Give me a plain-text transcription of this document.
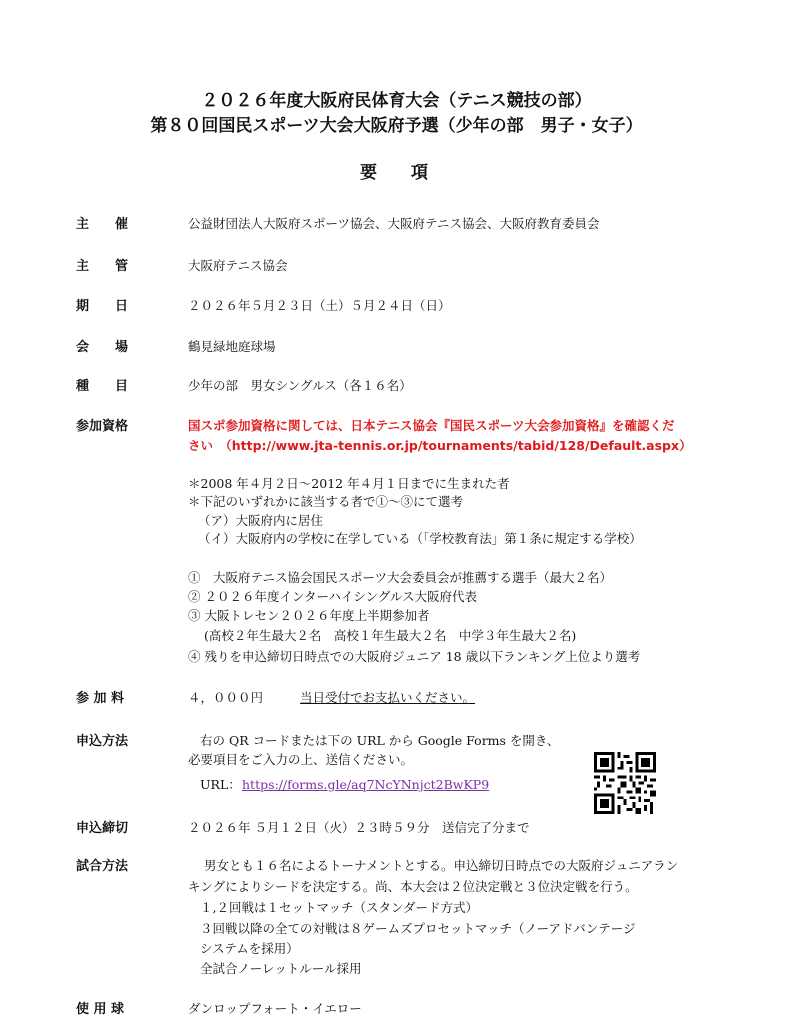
２０２６年度大阪府民体育大会（テニス競技の部）
第８０回国民スポーツ大会大阪府予選（少年の部　男子・女子）
要　　項
主　　催	公益財団法人大阪府スポーツ協会、大阪府テニス協会、大阪府教育委員会
主　　管	大阪府テニス協会
期　　日	２０２６年５月２３日（土）５月２４日（日）
会　　場	鶴見緑地庭球場
種　　目	少年の部　男女シングルス（各１６名）
参加資格	国スポ参加資格に関しては、日本テニス協会『国民スポーツ大会参加資格』を確認くだ
さい　（http://www.jta-tennis.or.jp/tournaments/tabid/128/Default.aspx）
＊2008 年４月２日〜2012 年４月１日までに生まれた者
＊下記のいずれかに該当する者で①〜③にて選考
（ア）大阪府内に居住
（イ）大阪府内の学校に在学している（「学校教育法」第１条に規定する学校）
①　大阪府テニス協会国民スポーツ大会委員会が推薦する選手（最大２名）
② ２０２６年度インターハイシングルス大阪府代表
③ 大阪トレセン２０２６年度上半期参加者
(高校２年生最大２名　高校１年生最大２名　中学３年生最大２名)
④ 残りを申込締切日時点での大阪府ジュニア 18 歳以下ランキング上位より選考
参 加 料	４，０００円	当日受付でお支払いください。
申込方法	右の QR コードまたは下の URL から Google Forms を開き、
必要項目をご入力の上、送信ください。
URL： https://forms.gle/aq7NcYNnjct2BwKP9
申込締切	２０２６年 ５月１２日（火）２３時５９分　送信完了分まで
試合方法	男女とも１６名によるトーナメントとする。申込締切日時点での大阪府ジュニアラン
キングによりシードを決定する。尚、本大会は２位決定戦と３位決定戦を行う。
１,２回戦は１セットマッチ（スタンダード方式）
３回戦以降の全ての対戦は８ゲームズプロセットマッチ（ノーアドバンテージ
システムを採用）
全試合ノーレットルール採用
使 用 球	ダンロップフォート・イエロー
